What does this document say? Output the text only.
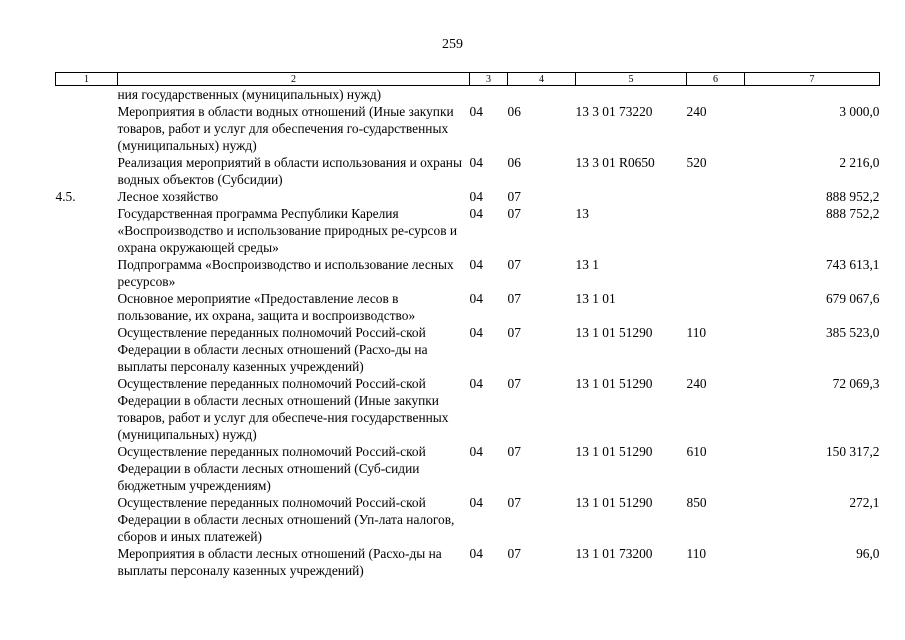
259
1	2	3	4	5	6	7
	ния государственных (муниципальных) нужд)					
	Мероприятия в области водных отношений (Иные закупки товаров, работ и услуг для обеспечения го-сударственных (муниципальных) нужд)	04	06	13 3 01 73220	240	3 000,0
	Реализация мероприятий в области использования и охраны водных объектов (Субсидии)	04	06	13 3 01 R0650	520	2 216,0
4.5.	Лесное хозяйство	04	07			888 952,2
	Государственная программа Республики Карелия «Воспроизводство и использование природных ре-сурсов и охрана окружающей среды»	04	07	13		888 752,2
	Подпрограмма «Воспроизводство и использование лесных ресурсов»	04	07	13 1		743 613,1
	Основное мероприятие «Предоставление лесов в пользование, их охрана, защита и воспроизводство»	04	07	13 1 01		679 067,6
	Осуществление переданных полномочий Россий-ской Федерации в области лесных отношений (Расхо-ды на выплаты персоналу казенных учреждений)	04	07	13 1 01 51290	110	385 523,0
	Осуществление переданных полномочий Россий-ской Федерации в области лесных отношений (Иные закупки товаров, работ и услуг для обеспече-ния государственных (муниципальных) нужд)	04	07	13 1 01 51290	240	72 069,3
	Осуществление переданных полномочий Россий-ской Федерации в области лесных отношений (Суб-сидии бюджетным учреждениям)	04	07	13 1 01 51290	610	150 317,2
	Осуществление переданных полномочий Россий-ской Федерации в области лесных отношений (Уп-лата налогов, сборов и иных платежей)	04	07	13 1 01 51290	850	272,1
	Мероприятия в области лесных отношений (Расхо-ды на выплаты персоналу казенных учреждений)	04	07	13 1 01 73200	110	96,0
